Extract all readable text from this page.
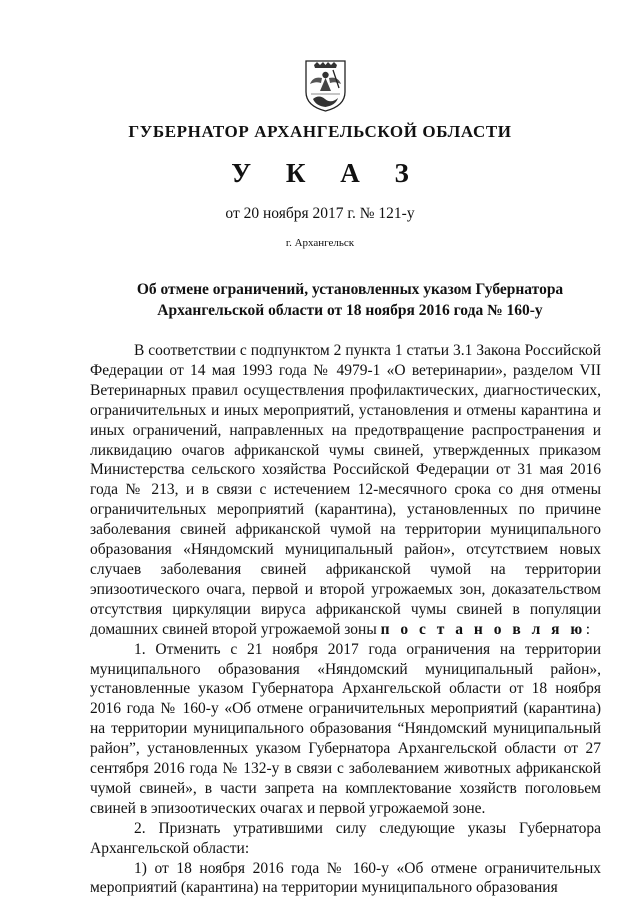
ГУБЕРНАТОР АРХАНГЕЛЬСКОЙ ОБЛАСТИ
У К А З
от 20 ноября 2017 г. № 121-у
г. Архангельск
Об отмене ограничений, установленных указом Губернатора
Архангельской области от 18 ноября 2016 года № 160-у

В соответствии с подпунктом 2 пункта 1 статьи 3.1 Закона Российской Федерации от 14 мая 1993 года № 4979-1 «О ветеринарии», разделом VII Ветеринарных правил осуществления профилактических, диагностических, ограничительных и иных мероприятий, установления и отмены карантина и иных ограничений, направленных на предотвращение распространения и ликвидацию очагов африканской чумы свиней, утвержденных приказом Министерства сельского хозяйства Российской Федерации от 31 мая 2016 года № 213, и в связи с истечением 12-месячного срока со дня отмены ограничительных мероприятий (карантина), установленных по причине заболевания свиней африканской чумой на территории муниципального образования «Няндомский муниципальный район», отсутствием новых случаев заболевания свиней африканской чумой на территории эпизоотического очага, первой и второй угрожаемых зон, доказательством отсутствия циркуляции вируса африканской чумы свиней в популяции домашних свиней второй угрожаемой зоны п о с т а н о в л я ю:

1. Отменить с 21 ноября 2017 года ограничения на территории муниципального образования «Няндомский муниципальный район», установленные указом Губернатора Архангельской области от 18 ноября 2016 года № 160-у «Об отмене ограничительных мероприятий (карантина) на территории муниципального образования “Няндомский муниципальный район”, установленных указом Губернатора Архангельской области от 27 сентября 2016 года № 132-у в связи с заболеванием животных африканской чумой свиней», в части запрета на комплектование хозяйств поголовьем свиней в эпизоотических очагах и первой угрожаемой зоне.

2. Признать утратившими силу следующие указы Губернатора Архангельской области:

1) от 18 ноября 2016 года № 160-у «Об отмене ограничительных мероприятий (карантина) на территории муниципального образования
